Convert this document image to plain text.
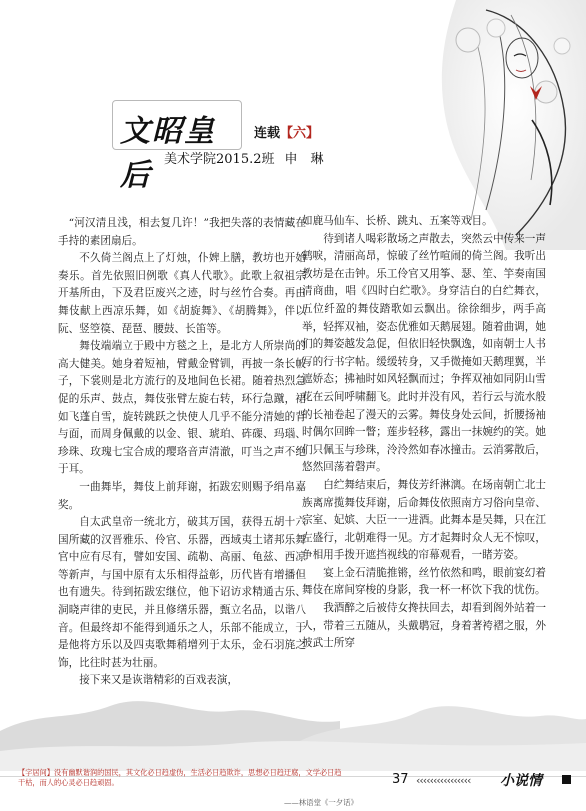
文昭皇后
连载【六】
美术学院2015.2班 申　琳

“河汉清且浅，相去复几许！”我把失落的表情藏在手持的素团扇后。

不久倚兰阁点上了灯烛，仆婢上膳，教坊也开始奏乐。首先依照旧例歌《真人代歌》。此歌上叙祖宗开基所由，下及君臣废兴之迹，时与丝竹合奏。再由舞伎献上西凉乐舞，如《胡旋舞》、《胡腾舞》，伴以阮、竖箜篌、琵琶、腰鼓、长笛等。

舞伎端端立于殿中方毯之上，是北方人所崇尚的高大健美。她身着短袖，臂戴金臂钏，再披一条长帔子，下裳则是北方流行的及地间色长裙。随着热烈急促的乐声、鼓点，舞伎张臂左旋右转，环行急蹴，裙如飞蓬自雪，旋转跳跃之快使人几乎不能分清她的背与面，而周身佩戴的以金、银、琥珀、砗磲、玛瑙、珍珠、玫瑰七宝合成的璎珞音声清澈，叮当之声不绝于耳。

一曲舞毕，舞伎上前拜谢，拓跋宏则赐予绢帛嘉奖。

自太武皇帝一统北方，破其万国，获得五胡十六国所藏的汉晋雅乐、伶官、乐器，西域夷土诸邦乐舞官中应有尽有，譬如安国、疏勒、高丽、龟兹、西凉等新声，与国中原有太乐相得益彰，历代皆有增播但也有遗失。待到拓跋宏继位，他下诏访求精通古乐、洞晓声律的吏民，并且修缮乐器，甄立名品，以谐八音。但最终却不能得到通乐之人，乐部不能成立，于是他将方乐以及四夷歌舞稍增列于太乐，金石羽旄之饰，比往时甚为壮丽。

接下来又是诙谐精彩的百戏表演，

如鹿马仙车、长桥、跳丸、五案等戏目。

待到诸人喝彩散场之声散去，突然云中传来一声鹤唳，清丽高昂，惊破了丝竹喧闹的倚兰阁。我听出教坊是在击钟。乐工伶官又用筝、瑟、笙、竽奏南国清商曲，唱《四时白纻歌》。身穿洁白的白纻舞衣，五位纤盈的舞伎踏歌如云飘出。徐徐细步，两手高举，轻挥双袖，姿态优雅如天鹅展翅。随着曲调，她们的舞姿越发急促，但依旧轻快飘逸，如南朝士人书写的行书字帖。缓缓转身，又手微掩如天鹅理翼，半遮娇态；拂袖时如风轻飘而过；争挥双袖如同阴山雪花在云间呼啸翻飞。此时并没有风，若行云与流水般的长袖卷起了漫天的云雾。舞伎身处云间，折腰扬袖时偶尔回眸一瞥；莲步轻移，露出一抹婉约的笑。她们只佩玉与珍珠，泠泠然如春冰撞击。云消雾散后，悠然回荡着磬声。

白纻舞结束后，舞伎芳纤淋漓。在场南朝亡北士族离席揽舞伎拜谢，后命舞伎依照南方习俗向皇帝、宗室、妃嫔、大臣一一进酒。此舞本是吴舞，只在江左盛行，北朝难得一见。方才起舞时众人无不惊叹，争相用手拨开遮挡视线的帘幕观看，一睹芳姿。

宴上金石清脆推锵，丝竹依然和鸣，眼前宴幻着舞伎在席间穿梭的身影，我一杯一杯饮下我的忧伤。

我酒醉之后被侍女搀扶回去，却看到阁外站着一人，带着三五随从，头戴鹖冠，身着著袴褶之服，外披武士所穿

【字居间】没有幽默谐润的国民，其文化必日趋虚伪，生活必日趋欺诈，思想必日趋迂腐，文学必日趋干枯，而人的心灵必日趋顽固。	37 ‹‹‹‹‹‹‹‹‹‹‹‹‹‹‹‹ 小说情
——林语堂《一夕话》
